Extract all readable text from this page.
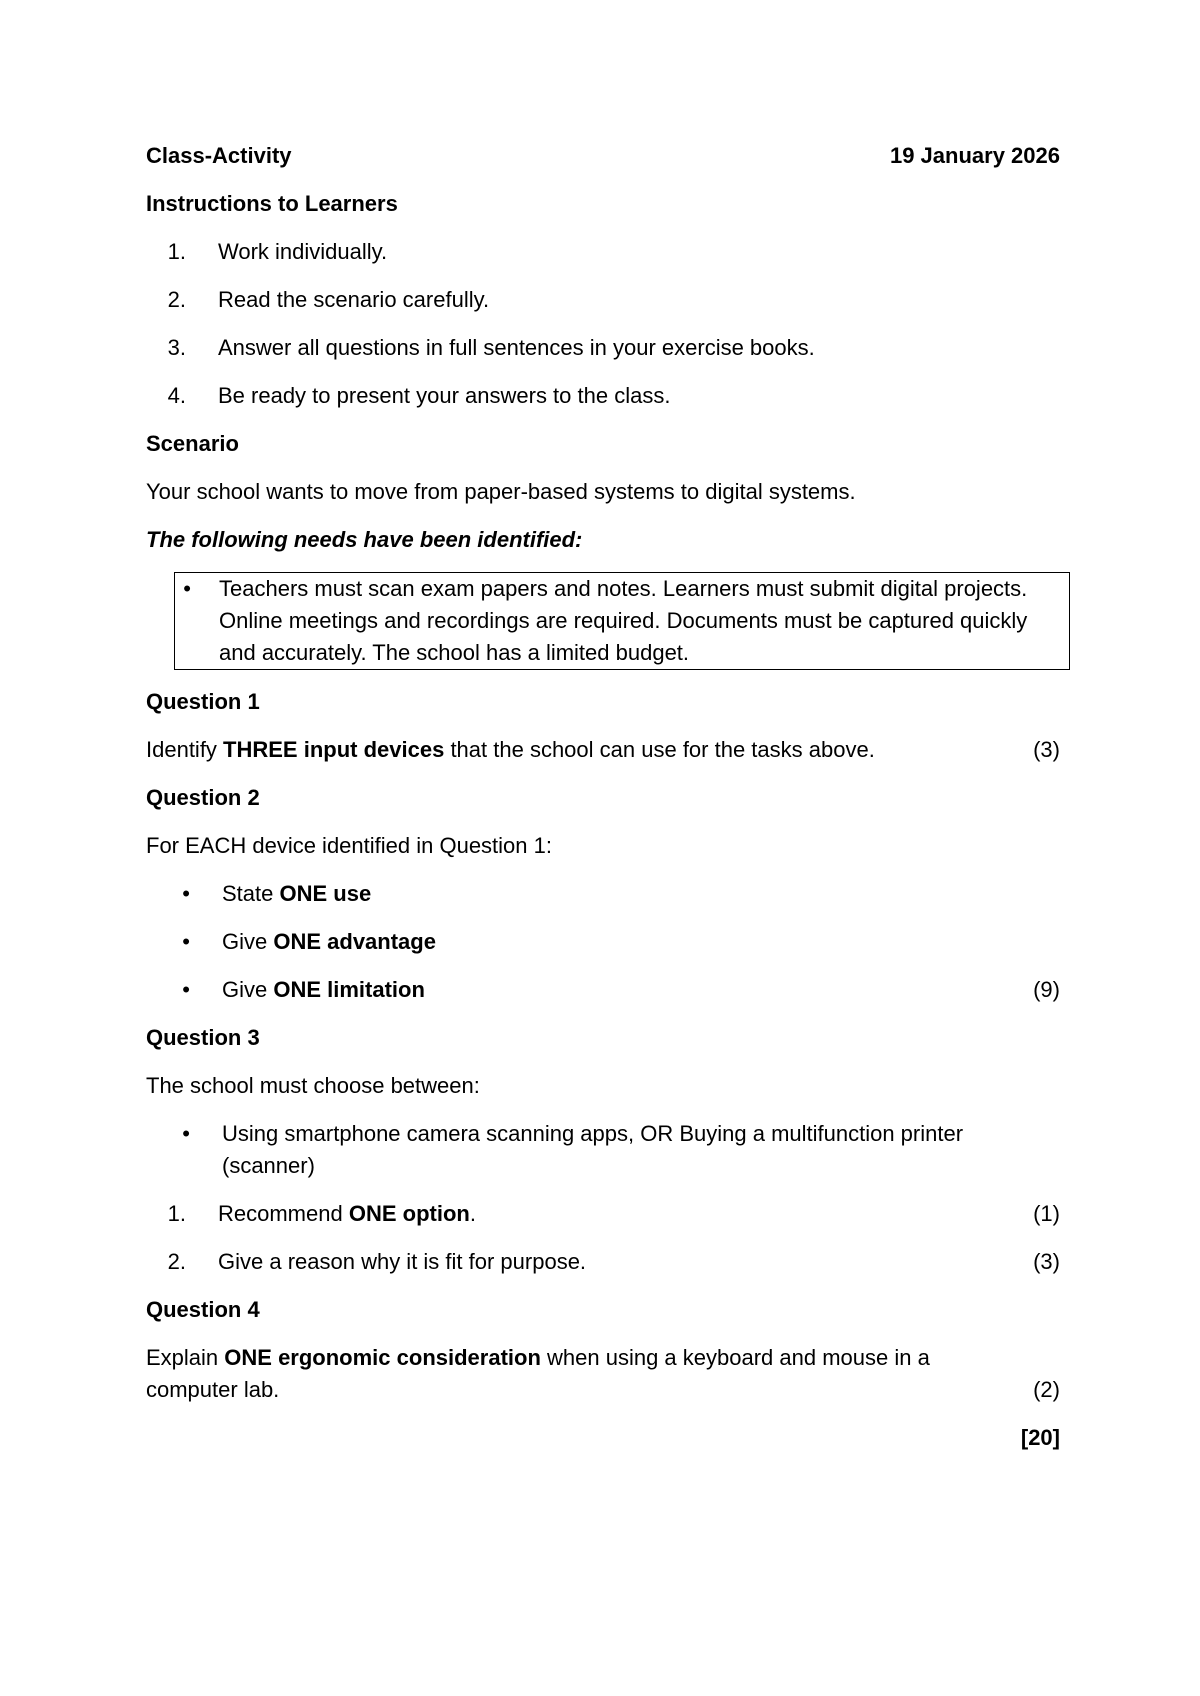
Class-Activity	19 January 2026

Instructions to Learners

1. Work individually.
2. Read the scenario carefully.
3. Answer all questions in full sentences in your exercise books.
4. Be ready to present your answers to the class.

Scenario

Your school wants to move from paper-based systems to digital systems.

The following needs have been identified:

• Teachers must scan exam papers and notes. Learners must submit digital projects. Online meetings and recordings are required. Documents must be captured quickly and accurately. The school has a limited budget.

Question 1

Identify THREE input devices that the school can use for the tasks above.	(3)

Question 2

For EACH device identified in Question 1:

• State ONE use
• Give ONE advantage
• Give ONE limitation	(9)

Question 3

The school must choose between:

• Using smartphone camera scanning apps, OR Buying a multifunction printer (scanner)
1. Recommend ONE option.	(1)
2. Give a reason why it is fit for purpose.	(3)

Question 4

Explain ONE ergonomic consideration when using a keyboard and mouse in a computer lab.	(2)

[20]
